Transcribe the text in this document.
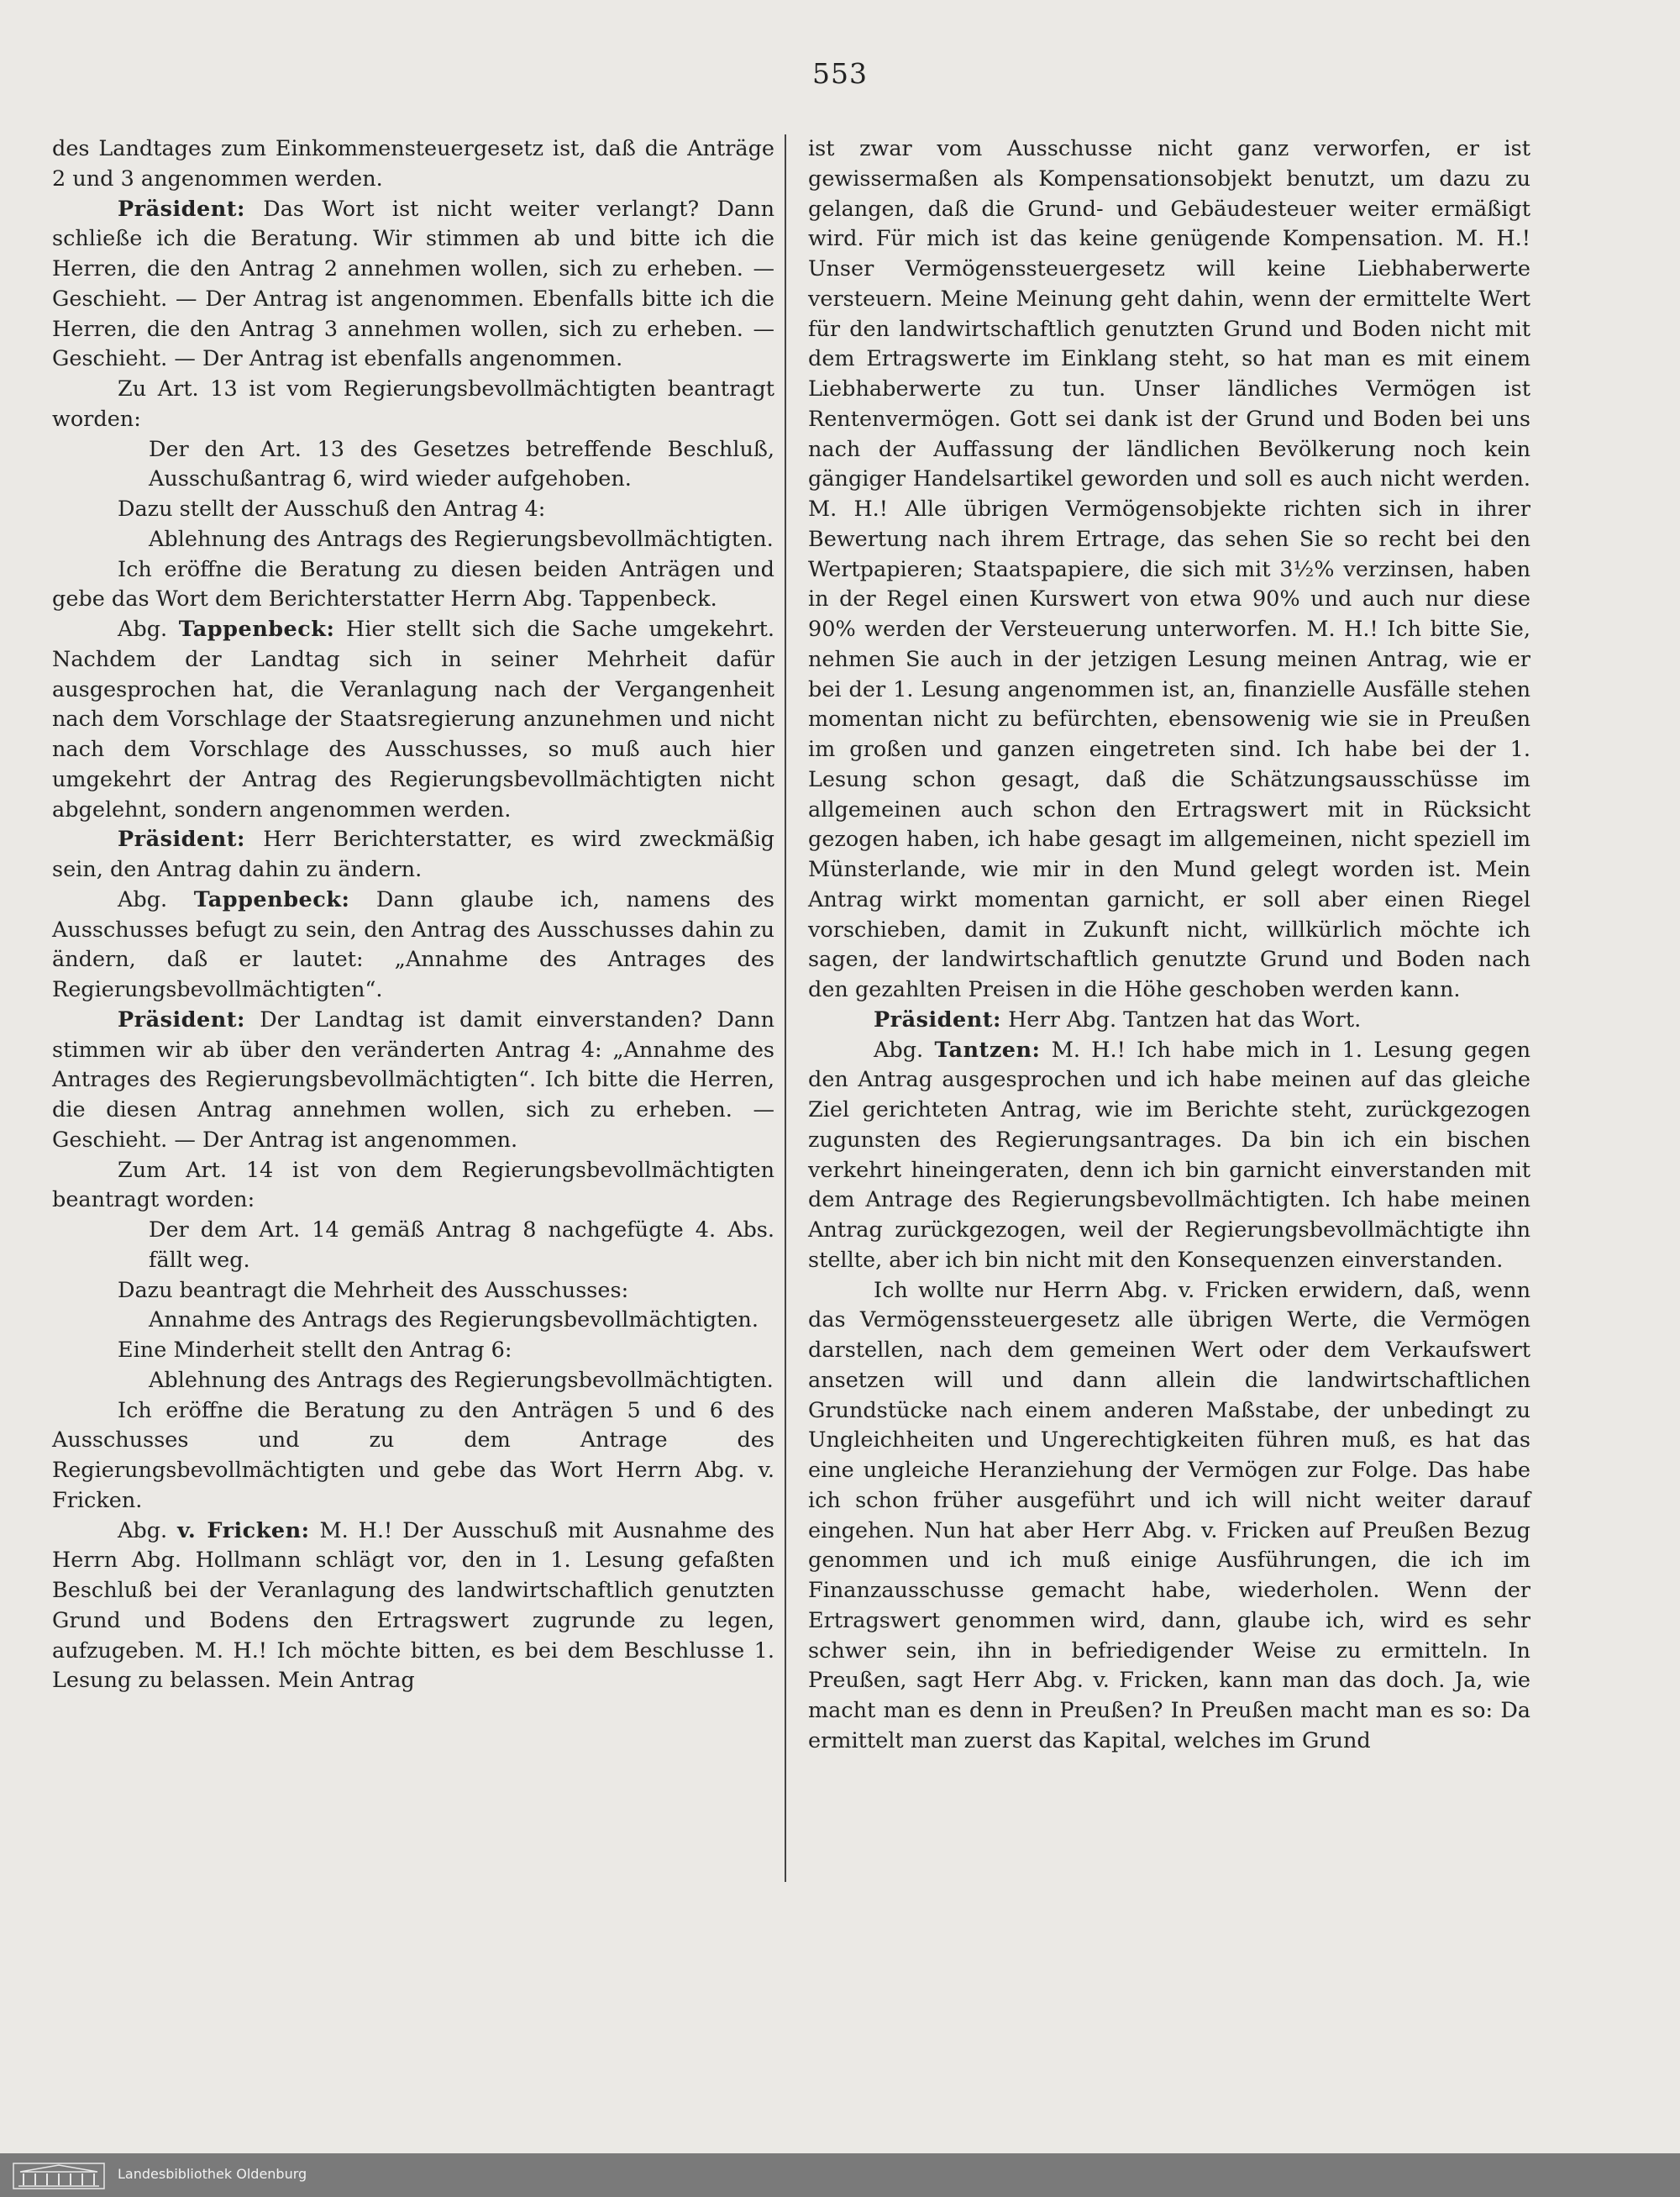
553

des Landtages zum Einkommensteuergesetz ist, daß die Anträge 2 und 3 angenommen werden.

Präsident: Das Wort ist nicht weiter verlangt? Dann schließe ich die Beratung. Wir stimmen ab und bitte ich die Herren, die den Antrag 2 annehmen wollen, sich zu erheben. — Geschieht. — Der Antrag ist angenommen. Ebenfalls bitte ich die Herren, die den Antrag 3 annehmen wollen, sich zu erheben. — Geschieht. — Der Antrag ist ebenfalls angenommen.

Zu Art. 13 ist vom Regierungsbevollmächtigten beantragt worden:

Der den Art. 13 des Gesetzes betreffende Beschluß, Ausschußantrag 6, wird wieder aufgehoben.

Dazu stellt der Ausschuß den Antrag 4:

Ablehnung des Antrags des Regierungsbevollmächtigten.

Ich eröffne die Beratung zu diesen beiden Anträgen und gebe das Wort dem Berichterstatter Herrn Abg. Tappenbeck.

Abg. Tappenbeck: Hier stellt sich die Sache umgekehrt. Nachdem der Landtag sich in seiner Mehrheit dafür ausgesprochen hat, die Veranlagung nach der Vergangenheit nach dem Vorschlage der Staatsregierung anzunehmen und nicht nach dem Vorschlage des Ausschusses, so muß auch hier umgekehrt der Antrag des Regierungsbevollmächtigten nicht abgelehnt, sondern angenommen werden.

Präsident: Herr Berichterstatter, es wird zweckmäßig sein, den Antrag dahin zu ändern.

Abg. Tappenbeck: Dann glaube ich, namens des Ausschusses befugt zu sein, den Antrag des Ausschusses dahin zu ändern, daß er lautet: „Annahme des Antrages des Regierungsbevollmächtigten“.

Präsident: Der Landtag ist damit einverstanden? Dann stimmen wir ab über den veränderten Antrag 4: „Annahme des Antrages des Regierungsbevollmächtigten“. Ich bitte die Herren, die diesen Antrag annehmen wollen, sich zu erheben. — Geschieht. — Der Antrag ist angenommen.

Zum Art. 14 ist von dem Regierungsbevollmächtigten beantragt worden:

Der dem Art. 14 gemäß Antrag 8 nachgefügte 4. Abs. fällt weg.

Dazu beantragt die Mehrheit des Ausschusses:

Annahme des Antrags des Regierungsbevollmächtigten.

Eine Minderheit stellt den Antrag 6:

Ablehnung des Antrags des Regierungsbevollmächtigten.

Ich eröffne die Beratung zu den Anträgen 5 und 6 des Ausschusses und zu dem Antrage des Regierungsbevollmächtigten und gebe das Wort Herrn Abg. v. Fricken.

Abg. v. Fricken: M. H.! Der Ausschuß mit Ausnahme des Herrn Abg. Hollmann schlägt vor, den in 1. Lesung gefaßten Beschluß bei der Veranlagung des landwirtschaftlich genutzten Grund und Bodens den Ertragswert zugrunde zu legen, aufzugeben. M. H.! Ich möchte bitten, es bei dem Beschlusse 1. Lesung zu belassen. Mein Antrag

ist zwar vom Ausschusse nicht ganz verworfen, er ist gewissermaßen als Kompensationsobjekt benutzt, um dazu zu gelangen, daß die Grund- und Gebäudesteuer weiter ermäßigt wird. Für mich ist das keine genügende Kompensation. M. H.! Unser Vermögenssteuergesetz will keine Liebhaberwerte versteuern. Meine Meinung geht dahin, wenn der ermittelte Wert für den landwirtschaftlich genutzten Grund und Boden nicht mit dem Ertragswerte im Einklang steht, so hat man es mit einem Liebhaberwerte zu tun. Unser ländliches Vermögen ist Rentenvermögen. Gott sei dank ist der Grund und Boden bei uns nach der Auffassung der ländlichen Bevölkerung noch kein gängiger Handelsartikel geworden und soll es auch nicht werden. M. H.! Alle übrigen Vermögensobjekte richten sich in ihrer Bewertung nach ihrem Ertrage, das sehen Sie so recht bei den Wertpapieren; Staatspapiere, die sich mit 3½% verzinsen, haben in der Regel einen Kurswert von etwa 90% und auch nur diese 90% werden der Versteuerung unterworfen. M. H.! Ich bitte Sie, nehmen Sie auch in der jetzigen Lesung meinen Antrag, wie er bei der 1. Lesung angenommen ist, an, finanzielle Ausfälle stehen momentan nicht zu befürchten, ebensowenig wie sie in Preußen im großen und ganzen eingetreten sind. Ich habe bei der 1. Lesung schon gesagt, daß die Schätzungsausschüsse im allgemeinen auch schon den Ertragswert mit in Rücksicht gezogen haben, ich habe gesagt im allgemeinen, nicht speziell im Münsterlande, wie mir in den Mund gelegt worden ist. Mein Antrag wirkt momentan garnicht, er soll aber einen Riegel vorschieben, damit in Zukunft nicht, willkürlich möchte ich sagen, der landwirtschaftlich genutzte Grund und Boden nach den gezahlten Preisen in die Höhe geschoben werden kann.

Präsident: Herr Abg. Tantzen hat das Wort.

Abg. Tantzen: M. H.! Ich habe mich in 1. Lesung gegen den Antrag ausgesprochen und ich habe meinen auf das gleiche Ziel gerichteten Antrag, wie im Berichte steht, zurückgezogen zugunsten des Regierungsantrages. Da bin ich ein bischen verkehrt hineingeraten, denn ich bin garnicht einverstanden mit dem Antrage des Regierungsbevollmächtigten. Ich habe meinen Antrag zurückgezogen, weil der Regierungsbevollmächtigte ihn stellte, aber ich bin nicht mit den Konsequenzen einverstanden.

Ich wollte nur Herrn Abg. v. Fricken erwidern, daß, wenn das Vermögenssteuergesetz alle übrigen Werte, die Vermögen darstellen, nach dem gemeinen Wert oder dem Verkaufswert ansetzen will und dann allein die landwirtschaftlichen Grundstücke nach einem anderen Maßstabe, der unbedingt zu Ungleichheiten und Ungerechtigkeiten führen muß, es hat das eine ungleiche Heranziehung der Vermögen zur Folge. Das habe ich schon früher ausgeführt und ich will nicht weiter darauf eingehen. Nun hat aber Herr Abg. v. Fricken auf Preußen Bezug genommen und ich muß einige Ausführungen, die ich im Finanzausschusse gemacht habe, wiederholen. Wenn der Ertragswert genommen wird, dann, glaube ich, wird es sehr schwer sein, ihn in befriedigender Weise zu ermitteln. In Preußen, sagt Herr Abg. v. Fricken, kann man das doch. Ja, wie macht man es denn in Preußen? In Preußen macht man es so: Da ermittelt man zuerst das Kapital, welches im Grund

Landesbibliothek Oldenburg
